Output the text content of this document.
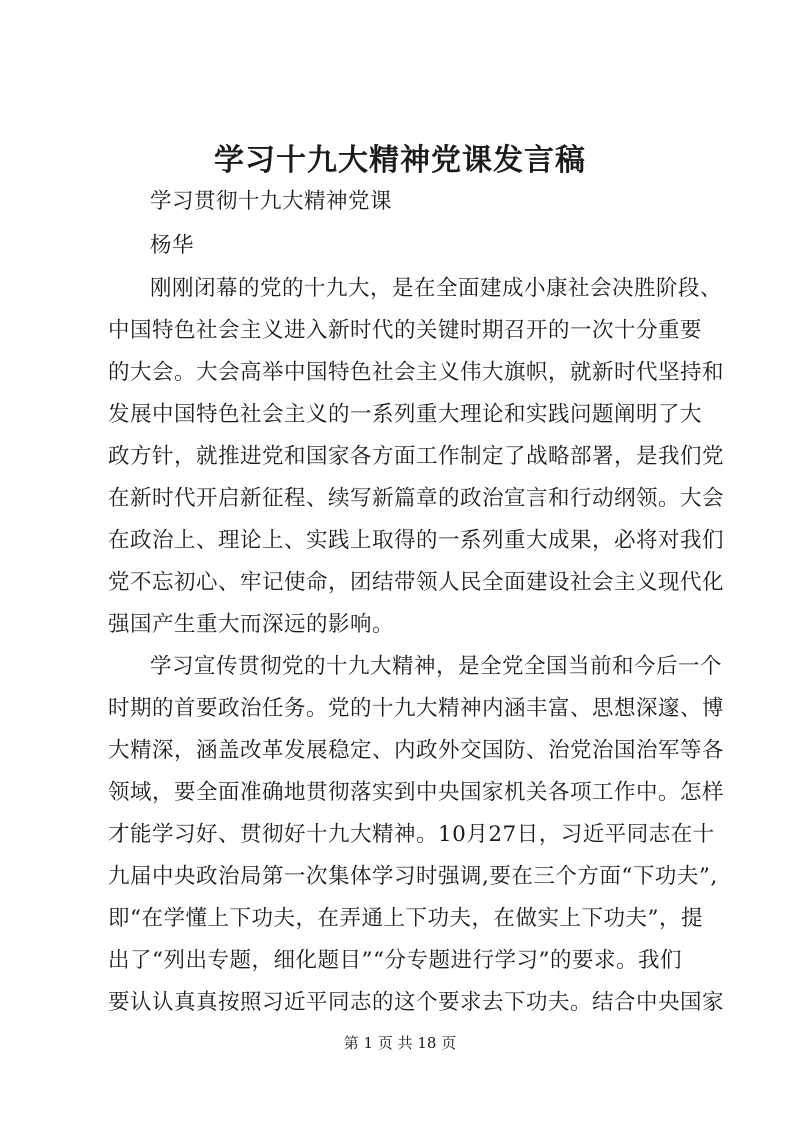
学习十九大精神党课发言稿
学习贯彻十九大精神党课
杨华
刚刚闭幕的党的十九大，是在全面建成小康社会决胜阶段、
中国特色社会主义进入新时代的关键时期召开的一次十分重要
的大会。大会高举中国特色社会主义伟大旗帜，就新时代坚持和
发展中国特色社会主义的一系列重大理论和实践问题阐明了大
政方针，就推进党和国家各方面工作制定了战略部署，是我们党
在新时代开启新征程、续写新篇章的政治宣言和行动纲领。大会
在政治上、理论上、实践上取得的一系列重大成果，必将对我们
党不忘初心、牢记使命，团结带领人民全面建设社会主义现代化
强国产生重大而深远的影响。
学习宣传贯彻党的十九大精神，是全党全国当前和今后一个
时期的首要政治任务。党的十九大精神内涵丰富、思想深邃、博
大精深，涵盖改革发展稳定、内政外交国防、治党治国治军等各
领域，要全面准确地贯彻落实到中央国家机关各项工作中。怎样
才能学习好、贯彻好十九大精神。10月27日，习近平同志在十
九届中央政治局第一次集体学习时强调,要在三个方面“下功夫”,
即“在学懂上下功夫，在弄通上下功夫，在做实上下功夫”，提
出了“列出专题，细化题目”“分专题进行学习”的要求。我们
要认认真真按照习近平同志的这个要求去下功夫。结合中央国家
第 1 页 共 18 页
